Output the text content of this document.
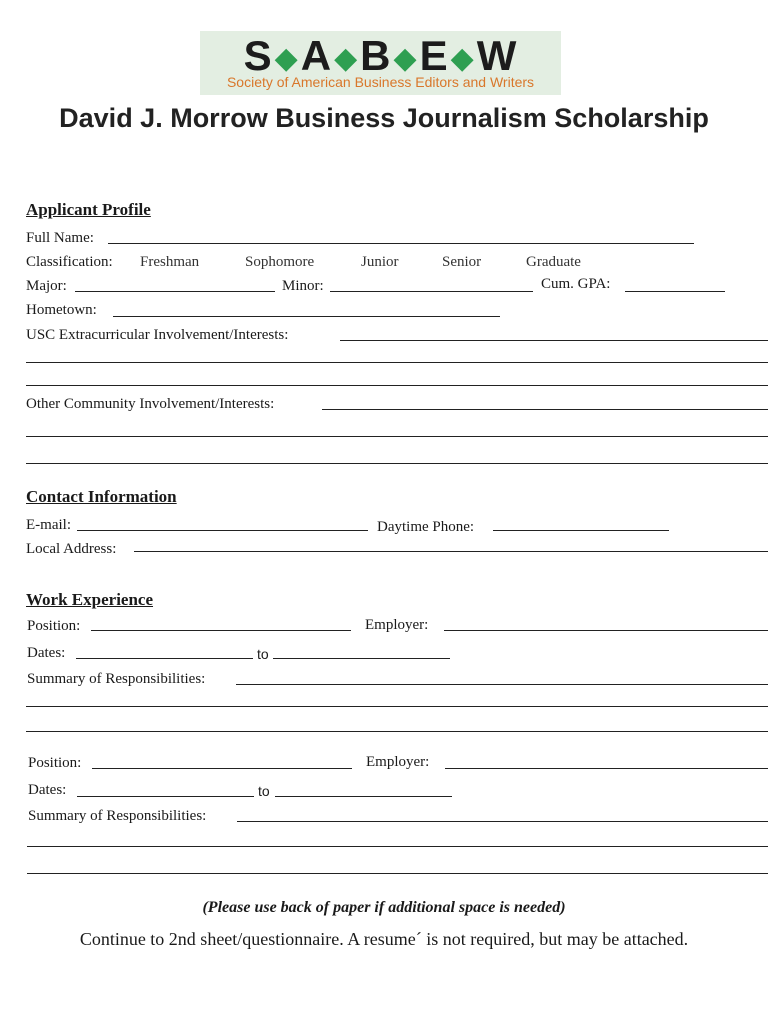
S◆A◆B◆E◆W
Society of American Business Editors and Writers
David J. Morrow Business Journalism Scholarship
Applicant Profile
Full Name:
Classification: Freshman	Sophomore	Junior	Senior	Graduate
Major:	Minor:	Cum. GPA:
Hometown:
USC Extracurricular Involvement/Interests:
Other Community Involvement/Interests:
Contact Information
E-mail:	Daytime Phone:
Local Address:
Work Experience
Position:	Employer:
Dates:	to
Summary of Responsibilities:
Position:	Employer:
Dates:	to
Summary of Responsibilities:
(Please use back of paper if additional space is needed)
Continue to 2nd sheet/questionnaire. A resume´ is not required, but may be attached.
